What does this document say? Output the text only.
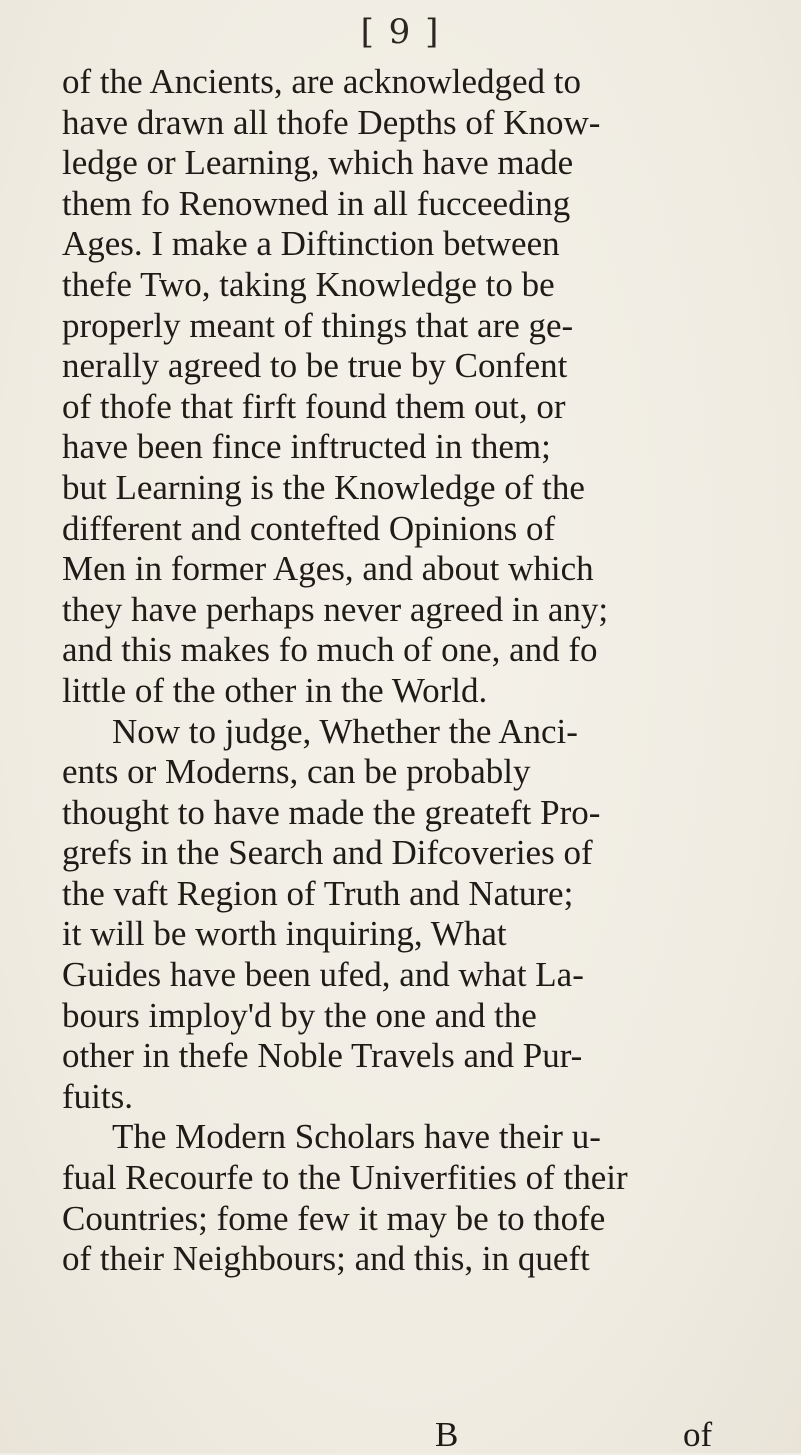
[ 9 ]
of the Ancients, are acknowledged to
have drawn all thofe Depths of Know-
ledge or Learning, which have made
them fo Renowned in all fucceeding
Ages. I make a Diftinction between
thefe Two, taking Knowledge to be
properly meant of things that are ge-
nerally agreed to be true by Confent
of thofe that firft found them out, or
have been fince inftructed in them;
but Learning is the Knowledge of the
different and contefted Opinions of
Men in former Ages, and about which
they have perhaps never agreed in any;
and this makes fo much of one, and fo
little of the other in the World.
Now to judge, Whether the Anci-
ents or Moderns, can be probably
thought to have made the greateft Pro-
grefs in the Search and Difcoveries of
the vaft Region of Truth and Nature;
it will be worth inquiring, What
Guides have been ufed, and what La-
bours imploy'd by the one and the
other in thefe Noble Travels and Pur-
fuits.
The Modern Scholars have their u-
fual Recourfe to the Univerfities of their
Countries; fome few it may be to thofe
of their Neighbours; and this, in queft
B	of
